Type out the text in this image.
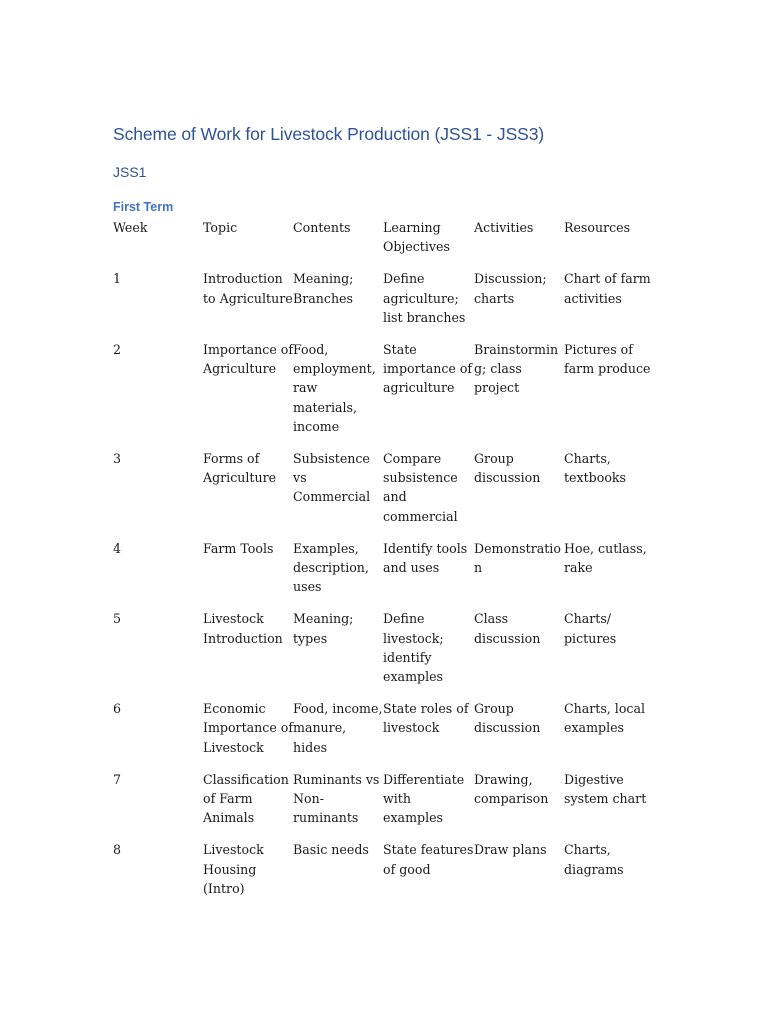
Scheme of Work for Livestock Production (JSS1 - JSS3)
JSS1
First Term
Week	Topic	Contents	Learning Objectives	Activities	Resources
1	Introduction to Agriculture	Meaning; Branches	Define agriculture; list branches	Discussion; charts	Chart of farm activities
2	Importance of Agriculture	Food, employment, raw materials, income	State importance of agriculture	Brainstorming; class project	Pictures of farm produce
3	Forms of Agriculture	Subsistence vs Commercial	Compare subsistence and commercial	Group discussion	Charts, textbooks
4	Farm Tools	Examples, description, uses	Identify tools and uses	Demonstration	Hoe, cutlass, rake
5	Livestock Introduction	Meaning; types	Define livestock; identify examples	Class discussion	Charts/ pictures
6	Economic Importance of Livestock	Food, income, manure, hides	State roles of livestock	Group discussion	Charts, local examples
7	Classification of Farm Animals	Ruminants vs Non-ruminants	Differentiate with examples	Drawing, comparison	Digestive system chart
8	Livestock Housing (Intro)	Basic needs	State features of good	Draw plans	Charts, diagrams
